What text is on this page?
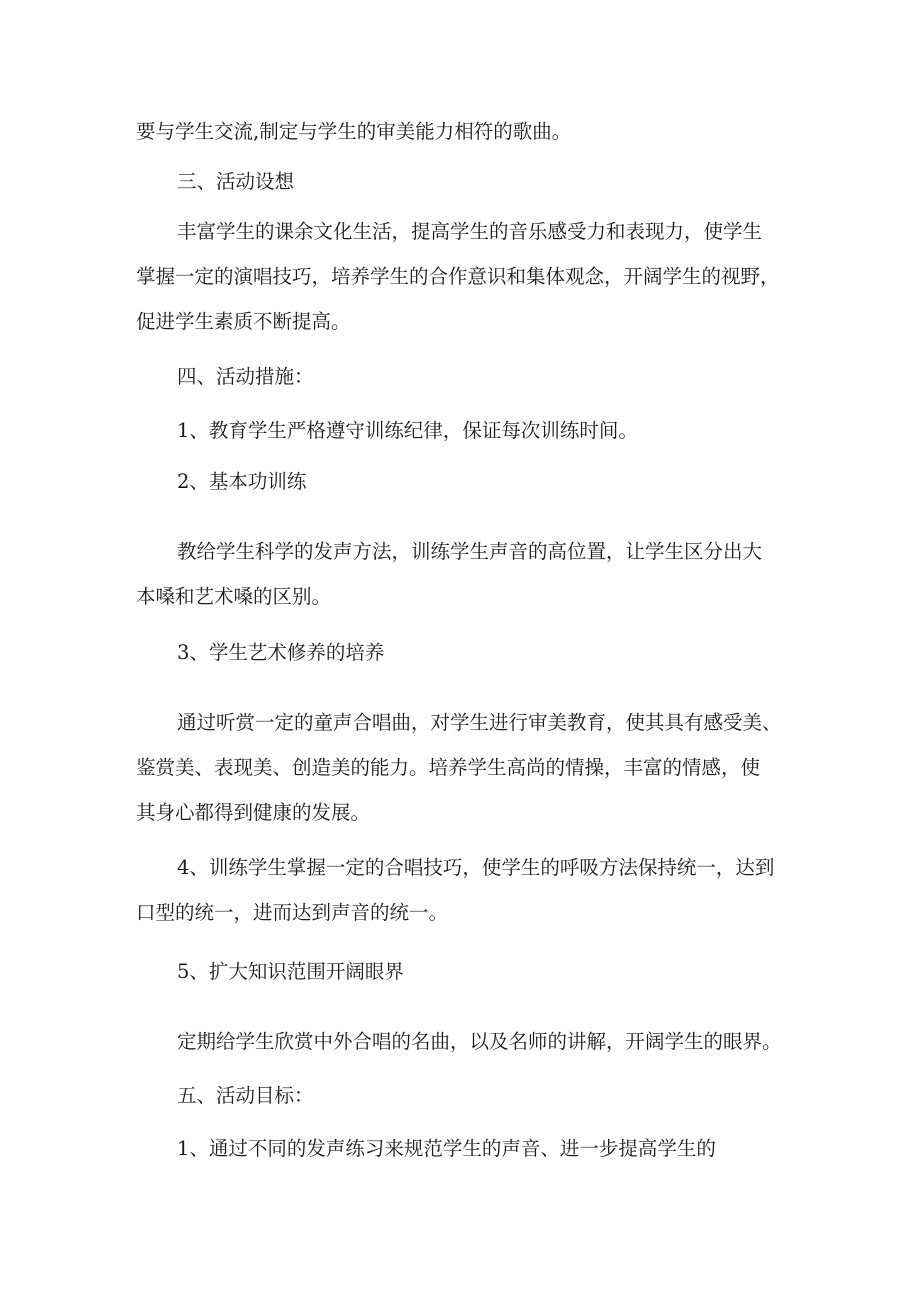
要与学生交流,制定与学生的审美能力相符的歌曲。

三、活动设想

丰富学生的课余文化生活，提高学生的音乐感受力和表现力，使学生
掌握一定的演唱技巧，培养学生的合作意识和集体观念，开阔学生的视野，
促进学生素质不断提高。

四、活动措施：

1、教育学生严格遵守训练纪律，保证每次训练时间。

2、基本功训练

教给学生科学的发声方法，训练学生声音的高位置，让学生区分出大
本嗓和艺术嗓的区别。

3、学生艺术修养的培养

通过听赏一定的童声合唱曲，对学生进行审美教育，使其具有感受美、
鉴赏美、表现美、创造美的能力。培养学生高尚的情操，丰富的情感，使
其身心都得到健康的发展。

4、训练学生掌握一定的合唱技巧，使学生的呼吸方法保持统一，达到
口型的统一，进而达到声音的统一。

5、扩大知识范围开阔眼界

定期给学生欣赏中外合唱的名曲，以及名师的讲解，开阔学生的眼界。

五、活动目标：

1、通过不同的发声练习来规范学生的声音、进一步提高学生的
